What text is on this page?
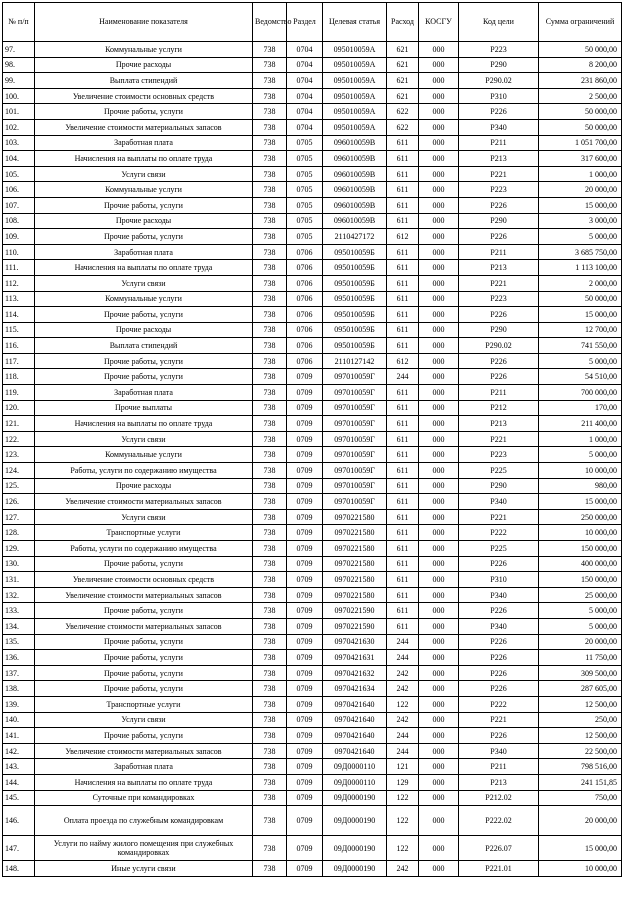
№ п/п	Наименование показателя	Ведомство	Раздел	Целевая статья	Расход	КОСГУ	Код цели	Сумма ограничений
97.	Коммунальные услуги	738	0704	095010059А	621	000	Р223	50 000,00
98.	Прочие расходы	738	0704	095010059А	621	000	Р290	8 200,00
99.	Выплата стипендий	738	0704	095010059А	621	000	Р290.02	231 860,00
100.	Увеличение стоимости основных средств	738	0704	095010059А	621	000	Р310	2 500,00
101.	Прочие работы, услуги	738	0704	095010059А	622	000	Р226	50 000,00
102.	Увеличение стоимости материальных запасов	738	0704	095010059А	622	000	Р340	50 000,00
103.	Заработная плата	738	0705	096010059В	611	000	Р211	1 051 700,00
104.	Начисления на выплаты по оплате труда	738	0705	096010059В	611	000	Р213	317 600,00
105.	Услуги связи	738	0705	096010059В	611	000	Р221	1 000,00
106.	Коммунальные услуги	738	0705	096010059В	611	000	Р223	20 000,00
107.	Прочие работы, услуги	738	0705	096010059В	611	000	Р226	15 000,00
108.	Прочие расходы	738	0705	096010059В	611	000	Р290	3 000,00
109.	Прочие работы, услуги	738	0705	2110427172	612	000	Р226	5 000,00
110.	Заработная плата	738	0706	095010059Б	611	000	Р211	3 685 750,00
111.	Начисления на выплаты по оплате труда	738	0706	095010059Б	611	000	Р213	1 113 100,00
112.	Услуги связи	738	0706	095010059Б	611	000	Р221	2 000,00
113.	Коммунальные услуги	738	0706	095010059Б	611	000	Р223	50 000,00
114.	Прочие работы, услуги	738	0706	095010059Б	611	000	Р226	15 000,00
115.	Прочие расходы	738	0706	095010059Б	611	000	Р290	12 700,00
116.	Выплата стипендий	738	0706	095010059Б	611	000	Р290.02	741 550,00
117.	Прочие работы, услуги	738	0706	2110127142	612	000	Р226	5 000,00
118.	Прочие работы, услуги	738	0709	097010059Г	244	000	Р226	54 510,00
119.	Заработная плата	738	0709	097010059Г	611	000	Р211	700 000,00
120.	Прочие выплаты	738	0709	097010059Г	611	000	Р212	170,00
121.	Начисления на выплаты по оплате труда	738	0709	097010059Г	611	000	Р213	211 400,00
122.	Услуги связи	738	0709	097010059Г	611	000	Р221	1 000,00
123.	Коммунальные услуги	738	0709	097010059Г	611	000	Р223	5 000,00
124.	Работы, услуги по содержанию имущества	738	0709	097010059Г	611	000	Р225	10 000,00
125.	Прочие расходы	738	0709	097010059Г	611	000	Р290	980,00
126.	Увеличение стоимости материальных запасов	738	0709	097010059Г	611	000	Р340	15 000,00
127.	Услуги связи	738	0709	0970221580	611	000	Р221	250 000,00
128.	Транспортные услуги	738	0709	0970221580	611	000	Р222	10 000,00
129.	Работы, услуги по содержанию имущества	738	0709	0970221580	611	000	Р225	150 000,00
130.	Прочие работы, услуги	738	0709	0970221580	611	000	Р226	400 000,00
131.	Увеличение стоимости основных средств	738	0709	0970221580	611	000	Р310	150 000,00
132.	Увеличение стоимости материальных запасов	738	0709	0970221580	611	000	Р340	25 000,00
133.	Прочие работы, услуги	738	0709	0970221590	611	000	Р226	5 000,00
134.	Увеличение стоимости материальных запасов	738	0709	0970221590	611	000	Р340	5 000,00
135.	Прочие работы, услуги	738	0709	0970421630	244	000	Р226	20 000,00
136.	Прочие работы, услуги	738	0709	0970421631	244	000	Р226	11 750,00
137.	Прочие работы, услуги	738	0709	0970421632	242	000	Р226	309 500,00
138.	Прочие работы, услуги	738	0709	0970421634	242	000	Р226	287 605,00
139.	Транспортные услуги	738	0709	0970421640	122	000	Р222	12 500,00
140.	Услуги связи	738	0709	0970421640	242	000	Р221	250,00
141.	Прочие работы, услуги	738	0709	0970421640	244	000	Р226	12 500,00
142.	Увеличение стоимости материальных запасов	738	0709	0970421640	244	000	Р340	22 500,00
143.	Заработная плата	738	0709	09Д0000110	121	000	Р211	798 516,00
144.	Начисления на выплаты по оплате труда	738	0709	09Д0000110	129	000	Р213	241 151,85
145.	Суточные при командировках	738	0709	09Д0000190	122	000	Р212.02	750,00
146.	Оплата проезда по служебным командировкам	738	0709	09Д0000190	122	000	Р222.02	20 000,00
147.	Услуги по найму жилого помещения при служебных командировках	738	0709	09Д0000190	122	000	Р226.07	15 000,00
148.	Иные услуги связи	738	0709	09Д0000190	242	000	Р221.01	10 000,00
